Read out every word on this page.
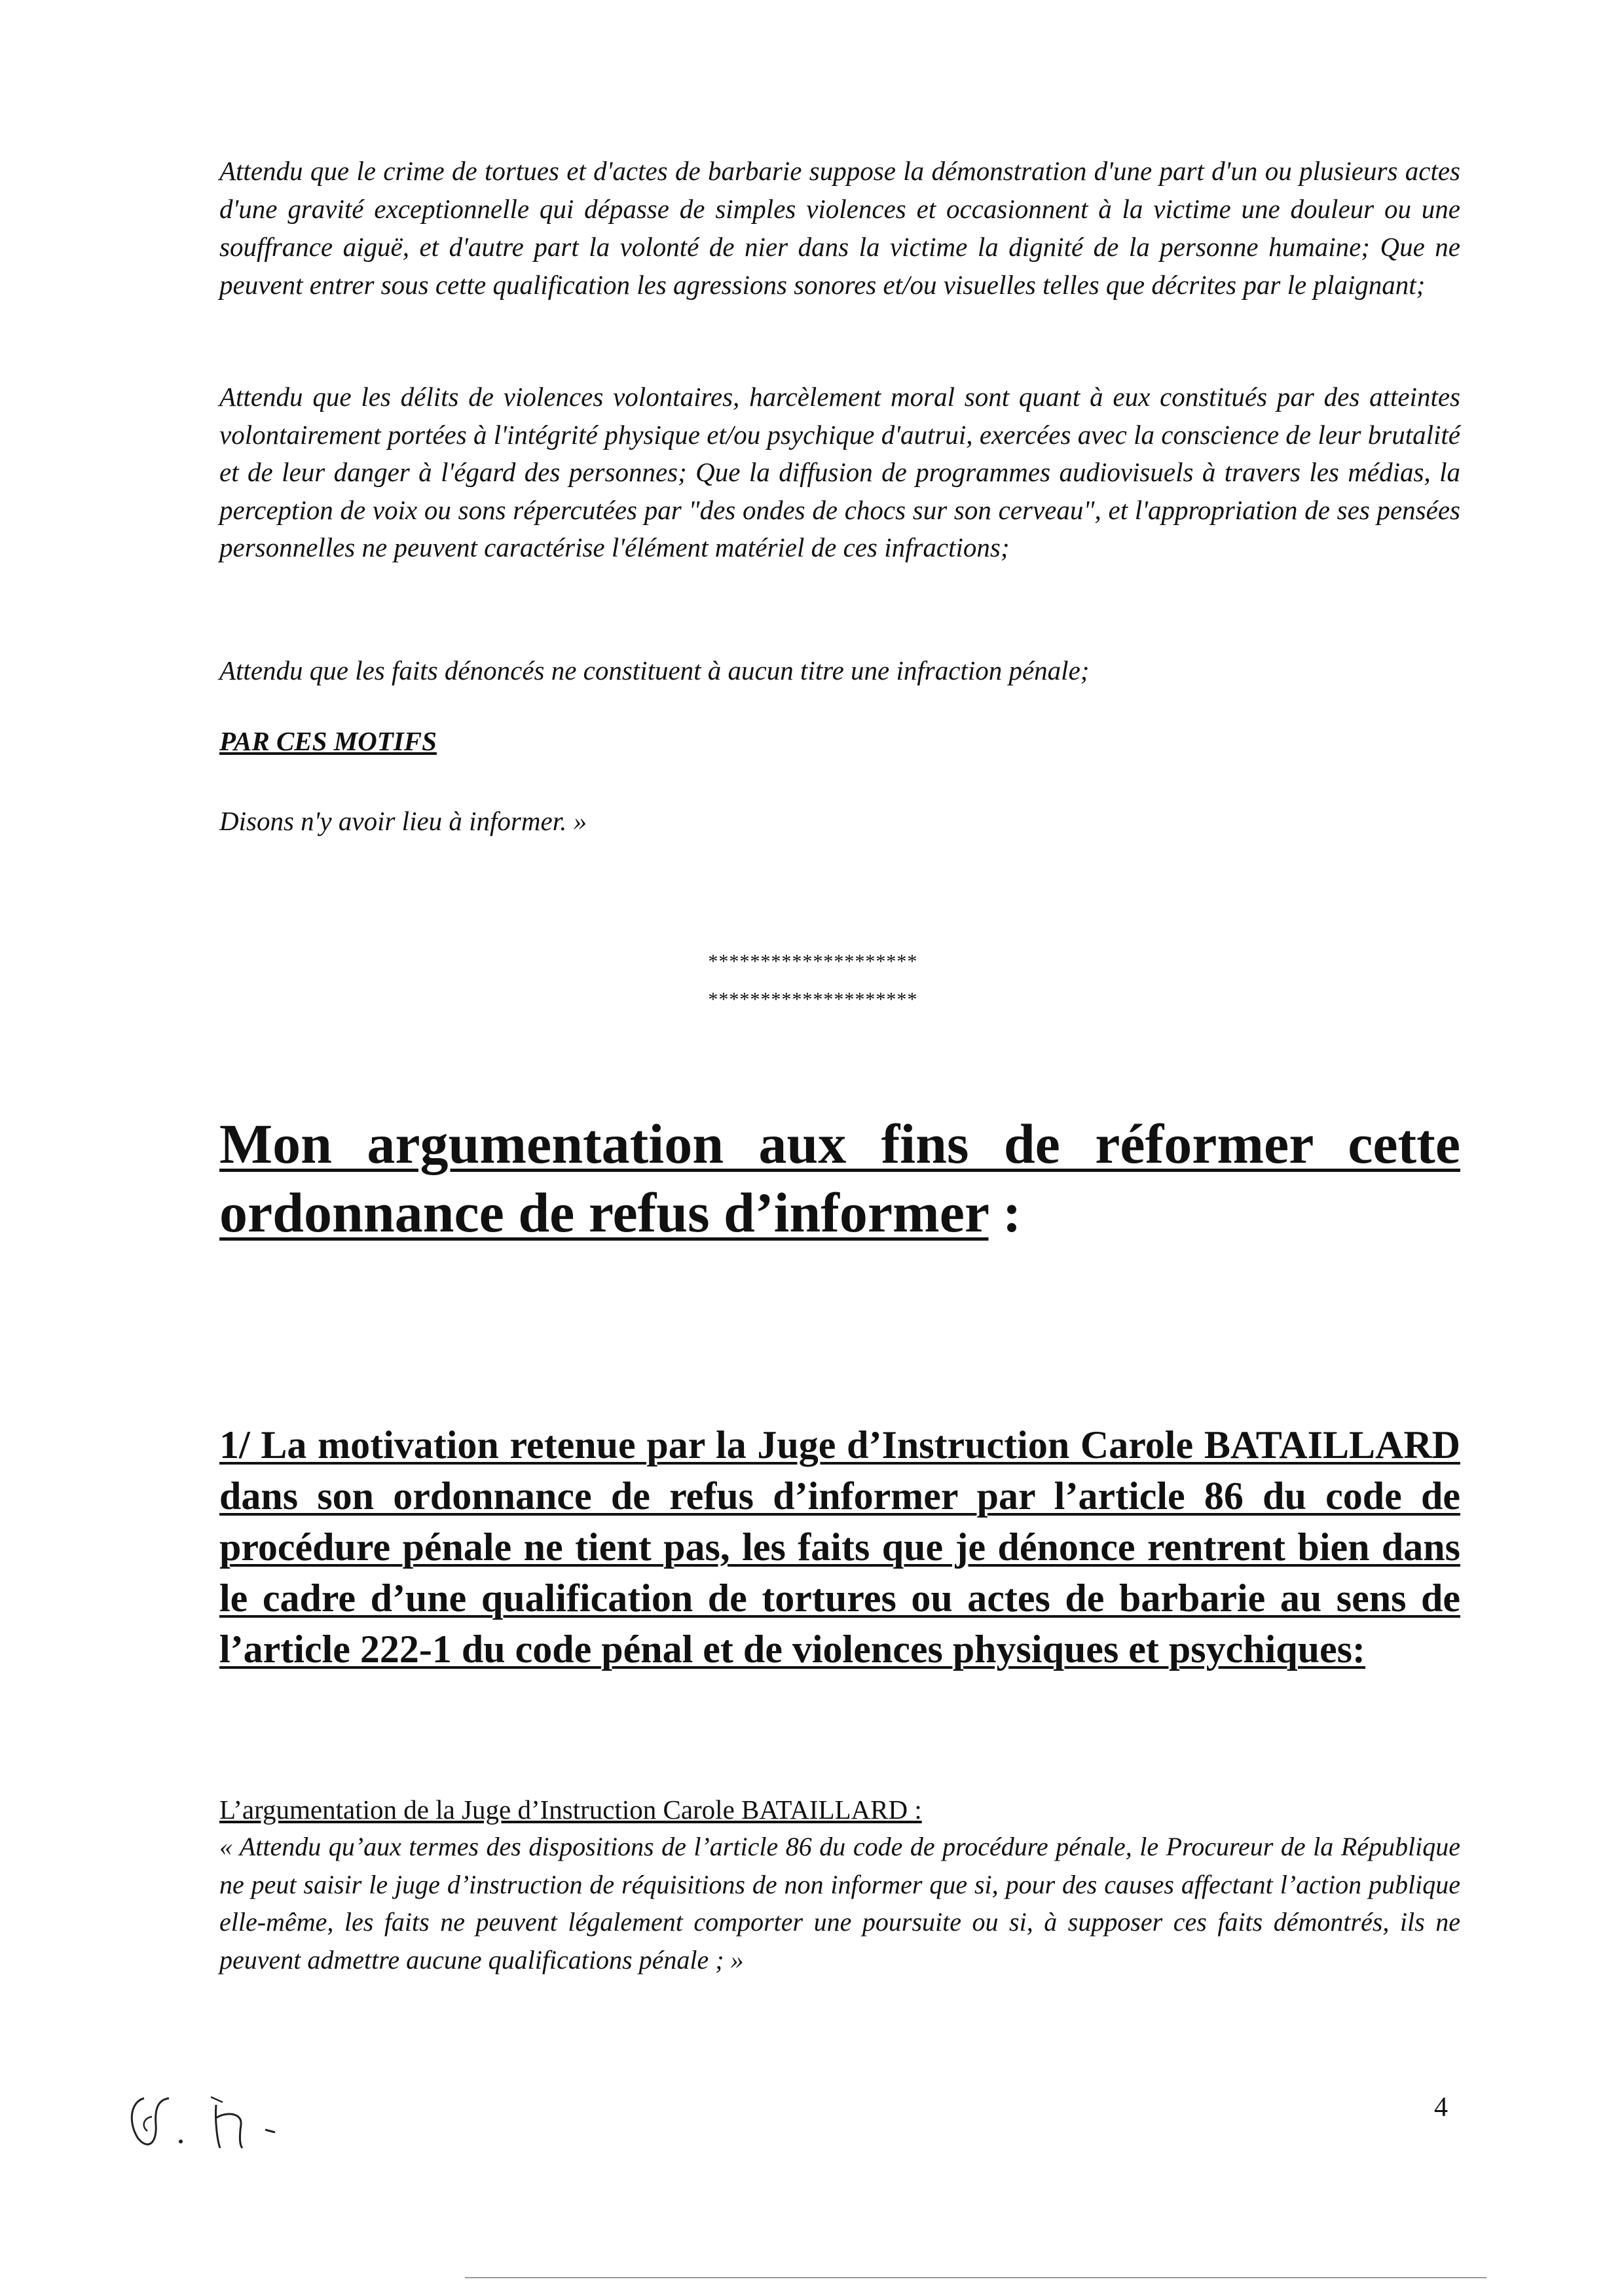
Attendu que le crime de tortues et d'actes de barbarie suppose la démonstration d'une part d'un ou plusieurs actes d'une gravité exceptionnelle qui dépasse de simples violences et occasionnent à la victime une douleur ou une souffrance aiguë, et d'autre part la volonté de nier dans la victime la dignité de la personne humaine; Que ne peuvent entrer sous cette qualification les agressions sonores et/ou visuelles telles que décrites par le plaignant;

Attendu que les délits de violences volontaires, harcèlement moral sont quant à eux constitués par des atteintes volontairement portées à l'intégrité physique et/ou psychique d'autrui, exercées avec la conscience de leur brutalité et de leur danger à l'égard des personnes; Que la diffusion de programmes audiovisuels à travers les médias, la perception de voix ou sons répercutées par "des ondes de chocs sur son cerveau", et l'appropriation de ses pensées personnelles ne peuvent caractérise l'élément matériel de ces infractions;

Attendu que les faits dénoncés ne constituent à aucun titre une infraction pénale;

PAR CES MOTIFS

Disons n'y avoir lieu à informer. »

********************
********************

Mon argumentation aux fins de réformer cette ordonnance de refus d’informer :

1/ La motivation retenue par la Juge d’Instruction Carole BATAILLARD dans son ordonnance de refus d’informer par l’article 86 du code de procédure pénale ne tient pas, les faits que je dénonce rentrent bien dans le cadre d’une qualification de tortures ou actes de barbarie au sens de l’article 222-1 du code pénal et de violences physiques et psychiques:

L’argumentation de la Juge d’Instruction Carole BATAILLARD :

« Attendu qu’aux termes des dispositions de l’article 86 du code de procédure pénale, le Procureur de la République ne peut saisir le juge d’instruction de réquisitions de non informer que si, pour des causes affectant l’action publique elle-même, les faits ne peuvent légalement comporter une poursuite ou si, à supposer ces faits démontrés, ils ne peuvent admettre aucune qualifications pénale ; »

4
